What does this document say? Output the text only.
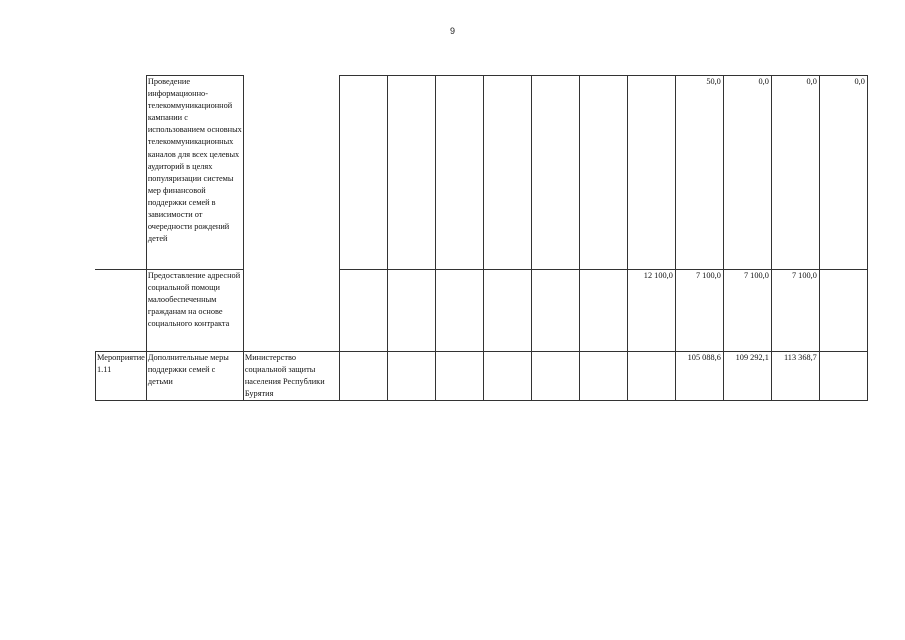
9
	Проведение информационно-телекоммуникационной кампании с использованием основных телекоммуникационных каналов для всех целевых аудиторий в целях популяризации системы мер финансовой поддержки семей в зависимости от очередности рождений детей									50,0	0,0	0,0	0,0
	Предоставление адресной социальной помощи малообеспеченным гражданам на основе социального контракта								12 100,0	7 100,0	7 100,0	7 100,0	
Мероприятие 1.11	Дополнительные меры поддержки семей с детьми	Министерство социальной защиты населения Республики Бурятия								105 088,6	109 292,1	113 368,7	
